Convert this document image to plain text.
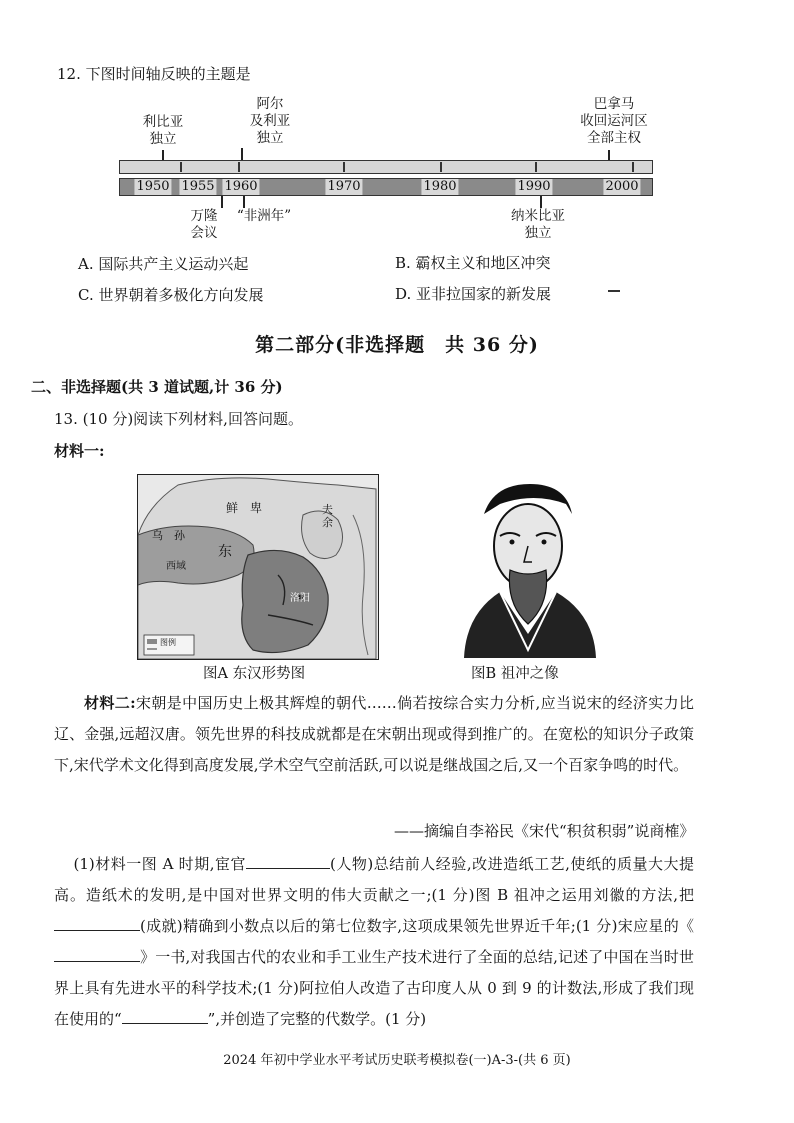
12. 下图时间轴反映的主题是
利比亚
独立
阿尔
及利亚
独立
巴拿马
收回运河区
全部主权
1950 1955 1960	1970	1980	1990	2000
万隆
会议
“非洲年”	纳米比亚
独立
A. 国际共产主义运动兴起	B. 霸权主义和地区冲突
C. 世界朝着多极化方向发展	D. 亚非拉国家的新发展
第二部分(非选择题　共 36 分)
二、非选择题(共 3 道试题,计 36 分)
13. (10 分)阅读下列材料,回答问题。
材料一:
鲜　卑	夫
余
乌　孙
东
西域
洛阳
图例
图A 东汉形势图	图B 祖冲之像
材料二:宋朝是中国历史上极其辉煌的朝代……倘若按综合实力分析,应当说宋的经济实力比辽、金强,远超汉唐。领先世界的科技成就都是在宋朝出现或得到推广的。在宽松的知识分子政策下,宋代学术文化得到高度发展,学术空气空前活跃,可以说是继战国之后,又一个百家争鸣的时代。
——摘编自李裕民《宋代“积贫积弱”说商榷》
(1)材料一图 A 时期,宦官	(人物)总结前人经验,改进造纸工艺,使纸的质量大大提高。造纸术的发明,是中国对世界文明的伟大贡献之一;(1 分)图 B 祖冲之运用刘徽的方法,把(成就)精确到小数点以后的第七位数字,这项成果领先世界近千年;(1 分)宋应星的《》一书,对我国古代的农业和手工业生产技术进行了全面的总结,记述了中国在当时世界上具有先进水平的科学技术;(1 分)阿拉伯人改造了古印度人从 0 到 9 的计数法,形成了我们现在使用的“	”,并创造了完整的代数学。(1 分)
2024 年初中学业水平考试历史联考模拟卷(一)A-3-(共 6 页)
